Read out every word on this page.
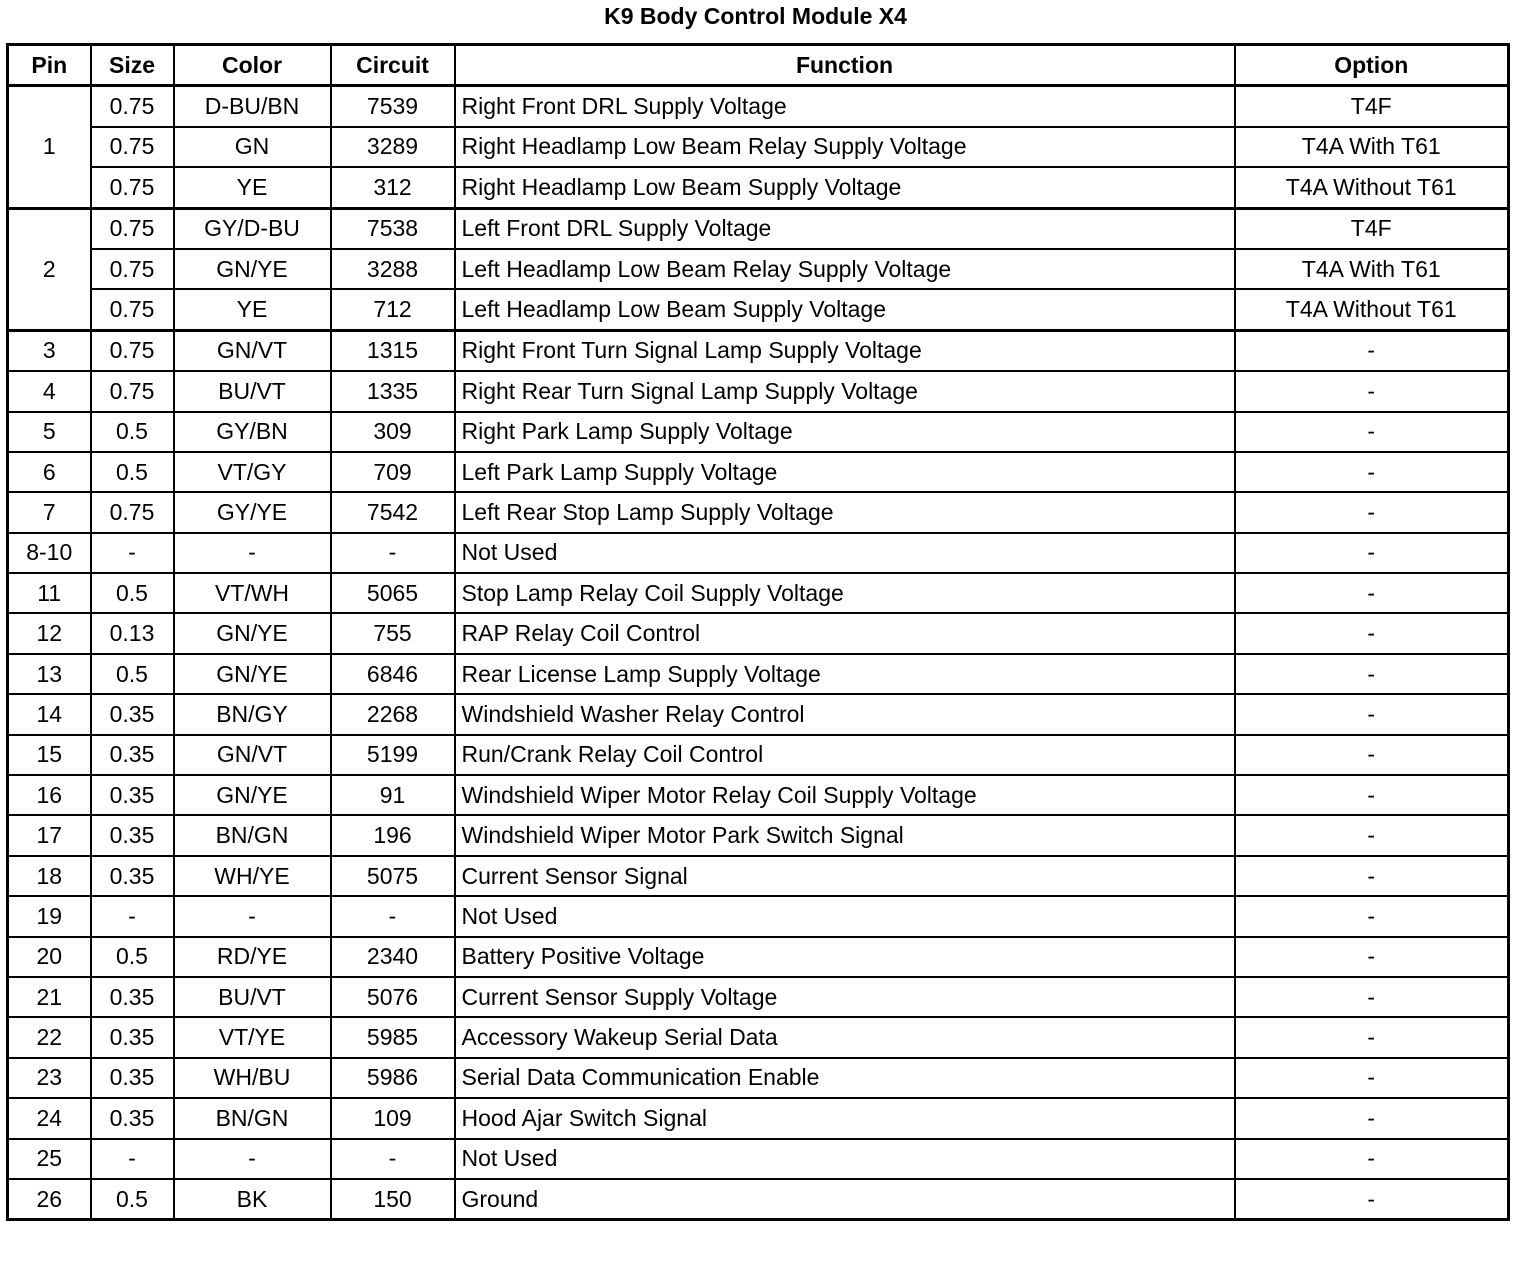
K9 Body Control Module X4
Pin	Size	Color	Circuit	Function	Option
1	0.75	D-BU/BN	7539	Right Front DRL Supply Voltage	T4F
	0.75	GN	3289	Right Headlamp Low Beam Relay Supply Voltage	T4A With T61
	0.75	YE	312	Right Headlamp Low Beam Supply Voltage	T4A Without T61
2	0.75	GY/D-BU	7538	Left Front DRL Supply Voltage	T4F
	0.75	GN/YE	3288	Left Headlamp Low Beam Relay Supply Voltage	T4A With T61
	0.75	YE	712	Left Headlamp Low Beam Supply Voltage	T4A Without T61
3	0.75	GN/VT	1315	Right Front Turn Signal Lamp Supply Voltage	-
4	0.75	BU/VT	1335	Right Rear Turn Signal Lamp Supply Voltage	-
5	0.5	GY/BN	309	Right Park Lamp Supply Voltage	-
6	0.5	VT/GY	709	Left Park Lamp Supply Voltage	-
7	0.75	GY/YE	7542	Left Rear Stop Lamp Supply Voltage	-
8-10	-	-	-	Not Used	-
11	0.5	VT/WH	5065	Stop Lamp Relay Coil Supply Voltage	-
12	0.13	GN/YE	755	RAP Relay Coil Control	-
13	0.5	GN/YE	6846	Rear License Lamp Supply Voltage	-
14	0.35	BN/GY	2268	Windshield Washer Relay Control	-
15	0.35	GN/VT	5199	Run/Crank Relay Coil Control	-
16	0.35	GN/YE	91	Windshield Wiper Motor Relay Coil Supply Voltage	-
17	0.35	BN/GN	196	Windshield Wiper Motor Park Switch Signal	-
18	0.35	WH/YE	5075	Current Sensor Signal	-
19	-	-	-	Not Used	-
20	0.5	RD/YE	2340	Battery Positive Voltage	-
21	0.35	BU/VT	5076	Current Sensor Supply Voltage	-
22	0.35	VT/YE	5985	Accessory Wakeup Serial Data	-
23	0.35	WH/BU	5986	Serial Data Communication Enable	-
24	0.35	BN/GN	109	Hood Ajar Switch Signal	-
25	-	-	-	Not Used	-
26	0.5	BK	150	Ground	-
